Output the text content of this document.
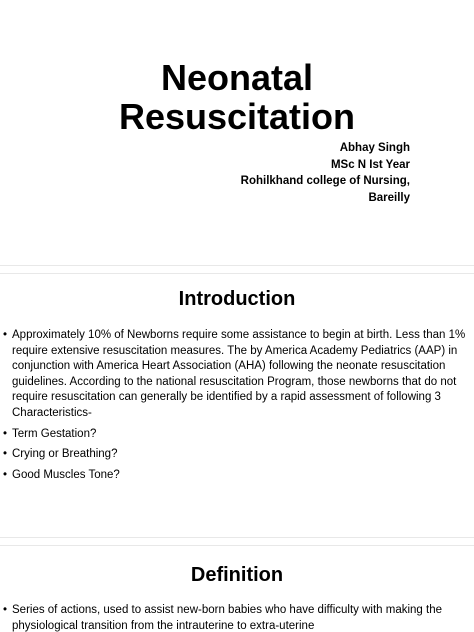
Neonatal
Resuscitation
Abhay Singh
MSc N Ist Year
Rohilkhand college of Nursing,
Bareilly
Introduction
• Approximately 10% of Newborns require some assistance to begin at birth. Less than 1% require extensive resuscitation measures. The by America Academy Pediatrics (AAP) in conjunction with America Heart Association (AHA) following the neonate resuscitation guidelines. According to the national resuscitation Program, those newborns that do not require resuscitation can generally be identified by a rapid assessment of following 3 Characteristics-
• Term Gestation?
• Crying or Breathing?
• Good Muscles Tone?
Definition
• Series of actions, used to assist new-born babies who have difficulty with making the physiological transition from the intrauterine to extra-uterine
